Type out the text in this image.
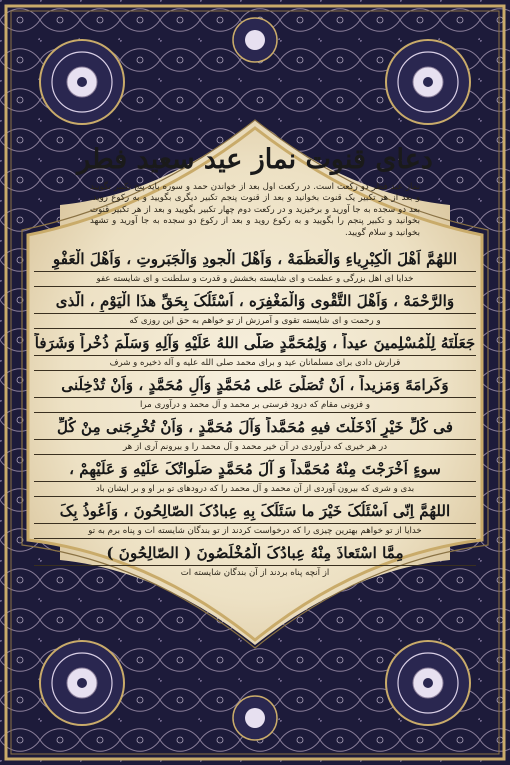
دعای قنوت نماز عید سعید فطر
نماز عید فطر دو رکعت است. در رکعت اول بعد از خواندن حمد و سوره باید پنج تکبیر بگویید و بعد از هر تکبیر یک قنوت بخوانید و بعد از قنوت پنجم تکبیر دیگری بگویید و به رکوع روید. بعد دو سجده به جا آورید و برخیزید و در رکعت دوم چهار تکبیر بگویید و بعد از هر تکبیر قنوت بخوانید و تکبیر پنجم را بگویید و به رکوع روید و بعد از رکوع دو سجده به جا آورید و تشهد بخوانید و سلام گویید.
اللهُمَّ اَهْلَ الْکِبْرِیاءِ وَالْعَظَمَهْ ، وَاَهْلَ الْجودِ وَالْجَبَروتِ ، وَاَهْلَ الْعَفْوِ
خدایا ای اهل بزرگی و عظمت و ای شایسته بخشش و قدرت و سلطنت و ای شایسته عفو
وَالرَّحْمَهْ ، وَاَهْلَ التَّقْوی وَالْمَغْفِرَه ، اَسْئَلُکَ بِحَقِّ هذَا الْیَوْمِ ، الَّذی
و رحمت و ای شایسته تقوی و آمرزش از تو خواهم به حق این روزی که
جَعَلْتَهُ لِلْمُسْلِمینَ عیداً ، وَلِمُحَمَّدٍ صَلَّی اللهُ عَلَیْهِ وَآلِهِ وَسَلَّمَ ذُخْراً وَشَرَفاً
قرارش دادی برای مسلمانان عید و برای محمد صلی الله علیه و آله ذخیره و شرف
وَکَرامَهً وَمَزیداً ، اَنْ تُصَلِّیَ عَلی مُحَمَّدٍ وَآلِ مُحَمَّدٍ ، وَاَنْ تُدْخِلَنی
و فزونی مقام که درود فرستی بر محمد و آل محمد و درآوری مرا
فی کُلِّ خَیْرٍ اَدْخَلْتَ فیهِ مُحَمَّداً وَآلَ مُحَمَّدٍ ، وَاَنْ تُخْرِجَنی مِنْ کُلِّ
در هر خیری که درآوردی در آن خیر محمد و آل محمد را و بیرونم آری از هر
سوءٍ اَخْرَجْتَ مِنْهُ مُحَمَّداً وَ آلَ مُحَمَّدٍ صَلَواتُکَ عَلَیْهِ وَ عَلَیْهِمْ ،
بدی و شری که بیرون آوردی از آن محمد و آل محمد را که درودهای تو بر او و بر ایشان باد
اللهُمَّ اِنّی اَسْئَلُکَ خَیْرَ ما سَئَلَکَ بِهِ عِبادُکَ الصّالِحُونَ ، وَاَعُوذُ بِکَ
خدایا از تو خواهم بهترین چیزی را که درخواست کردند از تو بندگان شایسته ات و پناه برم به تو
مِمَّا اسْتَعاذَ مِنْهُ عِبادُکَ الْمُخْلَصُونَ ( الصّالِحُونَ )
از آنچه پناه بردند از آن بندگان شایسته ات
